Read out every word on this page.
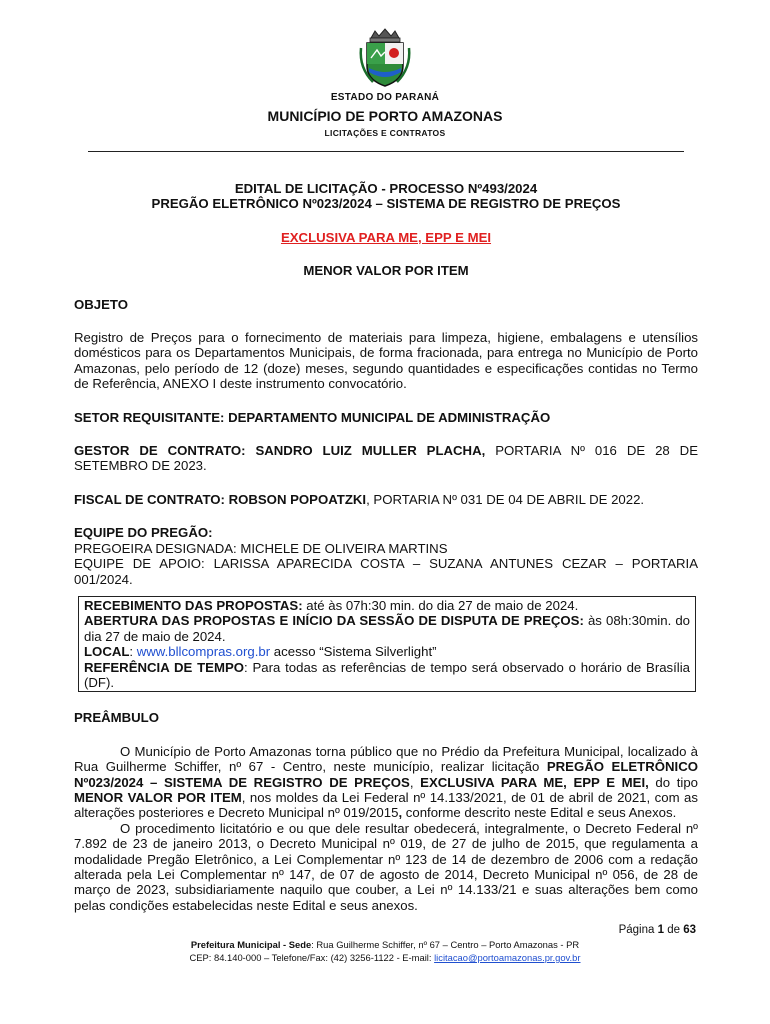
ESTADO DO PARANÁ
MUNICÍPIO DE PORTO AMAZONAS
LICITAÇÕES E CONTRATOS

EDITAL DE LICITAÇÃO - PROCESSO Nº493/2024

PREGÃO ELETRÔNICO Nº023/2024 – SISTEMA DE REGISTRO DE PREÇOS

EXCLUSIVA PARA ME, EPP E MEI

MENOR VALOR POR ITEM

OBJETO

Registro de Preços para o fornecimento de materiais para limpeza, higiene, embalagens e utensílios domésticos para os Departamentos Municipais, de forma fracionada, para entrega no Município de Porto Amazonas, pelo período de 12 (doze) meses, segundo quantidades e especificações contidas no Termo de Referência, ANEXO I deste instrumento convocatório.

SETOR REQUISITANTE: DEPARTAMENTO MUNICIPAL DE ADMINISTRAÇÃO

GESTOR DE CONTRATO: SANDRO LUIZ MULLER PLACHA, PORTARIA Nº 016 DE 28 DE SETEMBRO DE 2023.

FISCAL DE CONTRATO: ROBSON POPOATZKI, PORTARIA Nº 031 DE 04 DE ABRIL DE 2022.

EQUIPE DO PREGÃO:

PREGOEIRA DESIGNADA: MICHELE DE OLIVEIRA MARTINS

EQUIPE DE APOIO: LARISSA APARECIDA COSTA – SUZANA ANTUNES CEZAR – PORTARIA 001/2024.

RECEBIMENTO DAS PROPOSTAS: até às 07h:30 min. do dia 27 de maio de 2024.

ABERTURA DAS PROPOSTAS E INÍCIO DA SESSÃO DE DISPUTA DE PREÇOS: às 08h:30min. do dia 27 de maio de 2024.

LOCAL: www.bllcompras.org.br acesso “Sistema Silverlight”

REFERÊNCIA DE TEMPO: Para todas as referências de tempo será observado o horário de Brasília (DF).

PREÂMBULO

O Município de Porto Amazonas torna público que no Prédio da Prefeitura Municipal, localizado à Rua Guilherme Schiffer, nº 67 - Centro, neste município, realizar licitação PREGÃO ELETRÔNICO Nº023/2024 – SISTEMA DE REGISTRO DE PREÇOS, EXCLUSIVA PARA ME, EPP E MEI, do tipo MENOR VALOR POR ITEM, nos moldes da Lei Federal nº 14.133/2021, de 01 de abril de 2021, com as alterações posteriores e Decreto Municipal nº 019/2015, conforme descrito neste Edital e seus Anexos.

O procedimento licitatório e ou que dele resultar obedecerá, integralmente, o Decreto Federal nº 7.892 de 23 de janeiro 2013, o Decreto Municipal nº 019, de 27 de julho de 2015, que regulamenta a modalidade Pregão Eletrônico, a Lei Complementar nº 123 de 14 de dezembro de 2006 com a redação alterada pela Lei Complementar nº 147, de 07 de agosto de 2014, Decreto Municipal nº 056, de 28 de março de 2023, subsidiariamente naquilo que couber, a Lei nº 14.133/21 e suas alterações bem como pelas condições estabelecidas neste Edital e seus anexos.

Página 1 de 63
Prefeitura Municipal - Sede: Rua Guilherme Schiffer, nº 67 – Centro – Porto Amazonas - PR
CEP: 84.140-000 – Telefone/Fax: (42) 3256-1122 - E-mail: licitacao@portoamazonas.pr.gov.br
